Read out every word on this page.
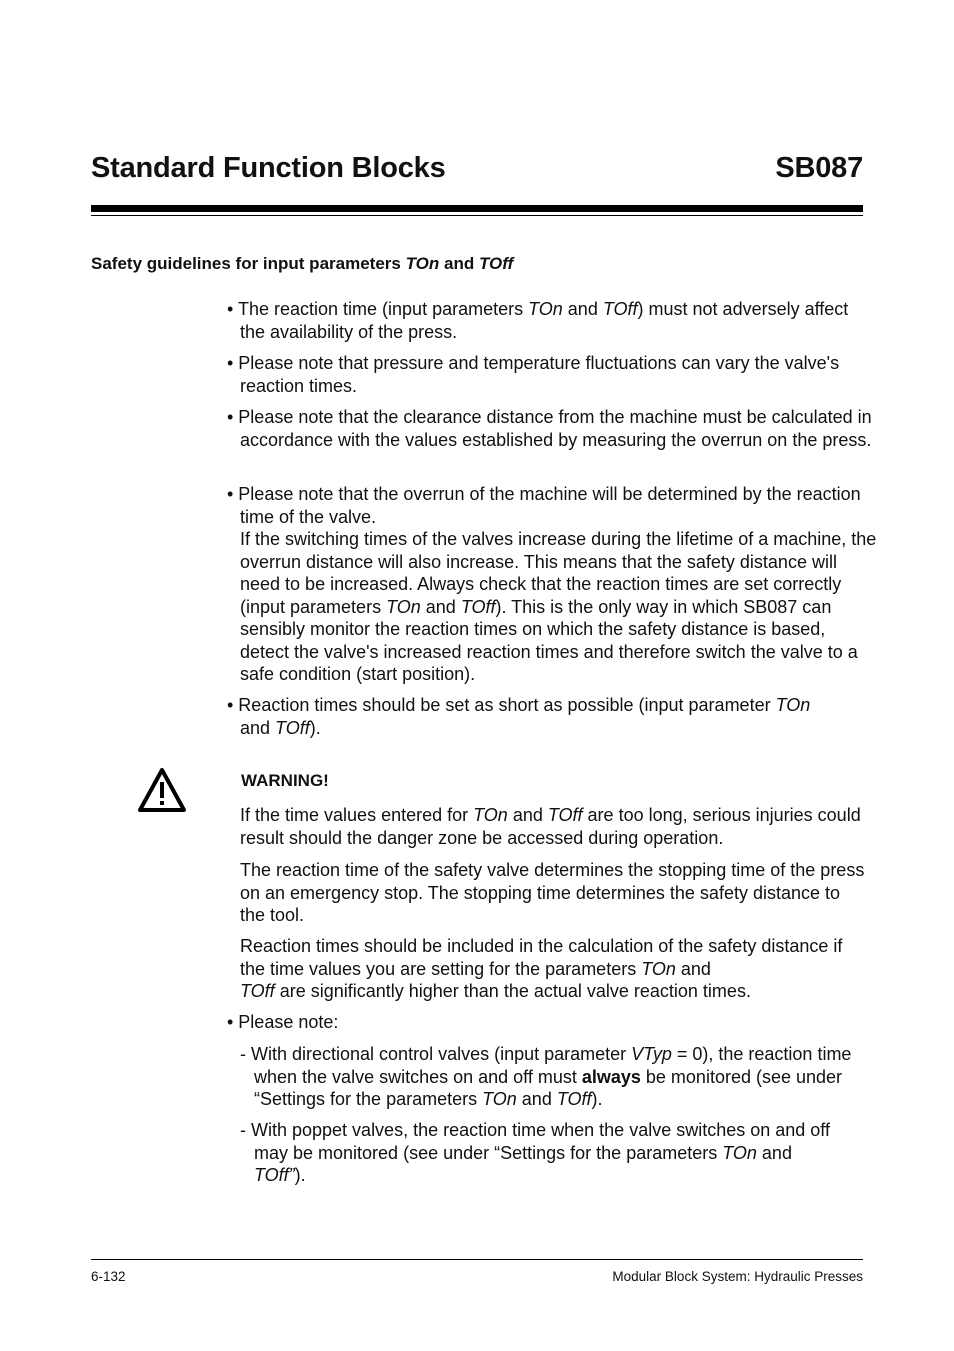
Standard Function Blocks	SB087
Safety guidelines for input parameters TOn and TOff

• The reaction time (input parameters TOn and TOff) must not adversely affect the availability of the press.

• Please note that pressure and temperature fluctuations can vary the valve's reaction times.

• Please note that the clearance distance from the machine must be calculated in accordance with the values established by measuring the overrun on the press.

• Please note that the overrun of the machine will be determined by the reaction time of the valve.

If the switching times of the valves increase during the lifetime of a machine, the overrun distance will also increase. This means that the safety distance will need to be increased. Always check that the reaction times are set correctly (input parameters TOn and TOff). This is the only way in which SB087 can sensibly monitor the reaction times on which the safety distance is based, detect the valve's increased reaction times and therefore switch the valve to a safe condition (start position).

• Reaction times should be set as short as possible (input parameter TOn
and TOff).

WARNING!
If the time values entered for TOn and TOff are too long, serious injuries could result should the danger zone be accessed during operation.
The reaction time of the safety valve determines the stopping time of the press on an emergency stop. The stopping time determines the safety distance to the tool.
Reaction times should be included in the calculation of the safety distance if the time values you are setting for the parameters TOn and
TOff are significantly higher than the actual valve reaction times.
• Please note:

- With directional control valves (input parameter VTyp = 0), the reaction time when the valve switches on and off must always be monitored (see under “Settings for the parameters TOn and TOff).

- With poppet valves, the reaction time when the valve switches on and off may be monitored (see under “Settings for the parameters TOn and
TOff”).

6-132	Modular Block System: Hydraulic Presses
